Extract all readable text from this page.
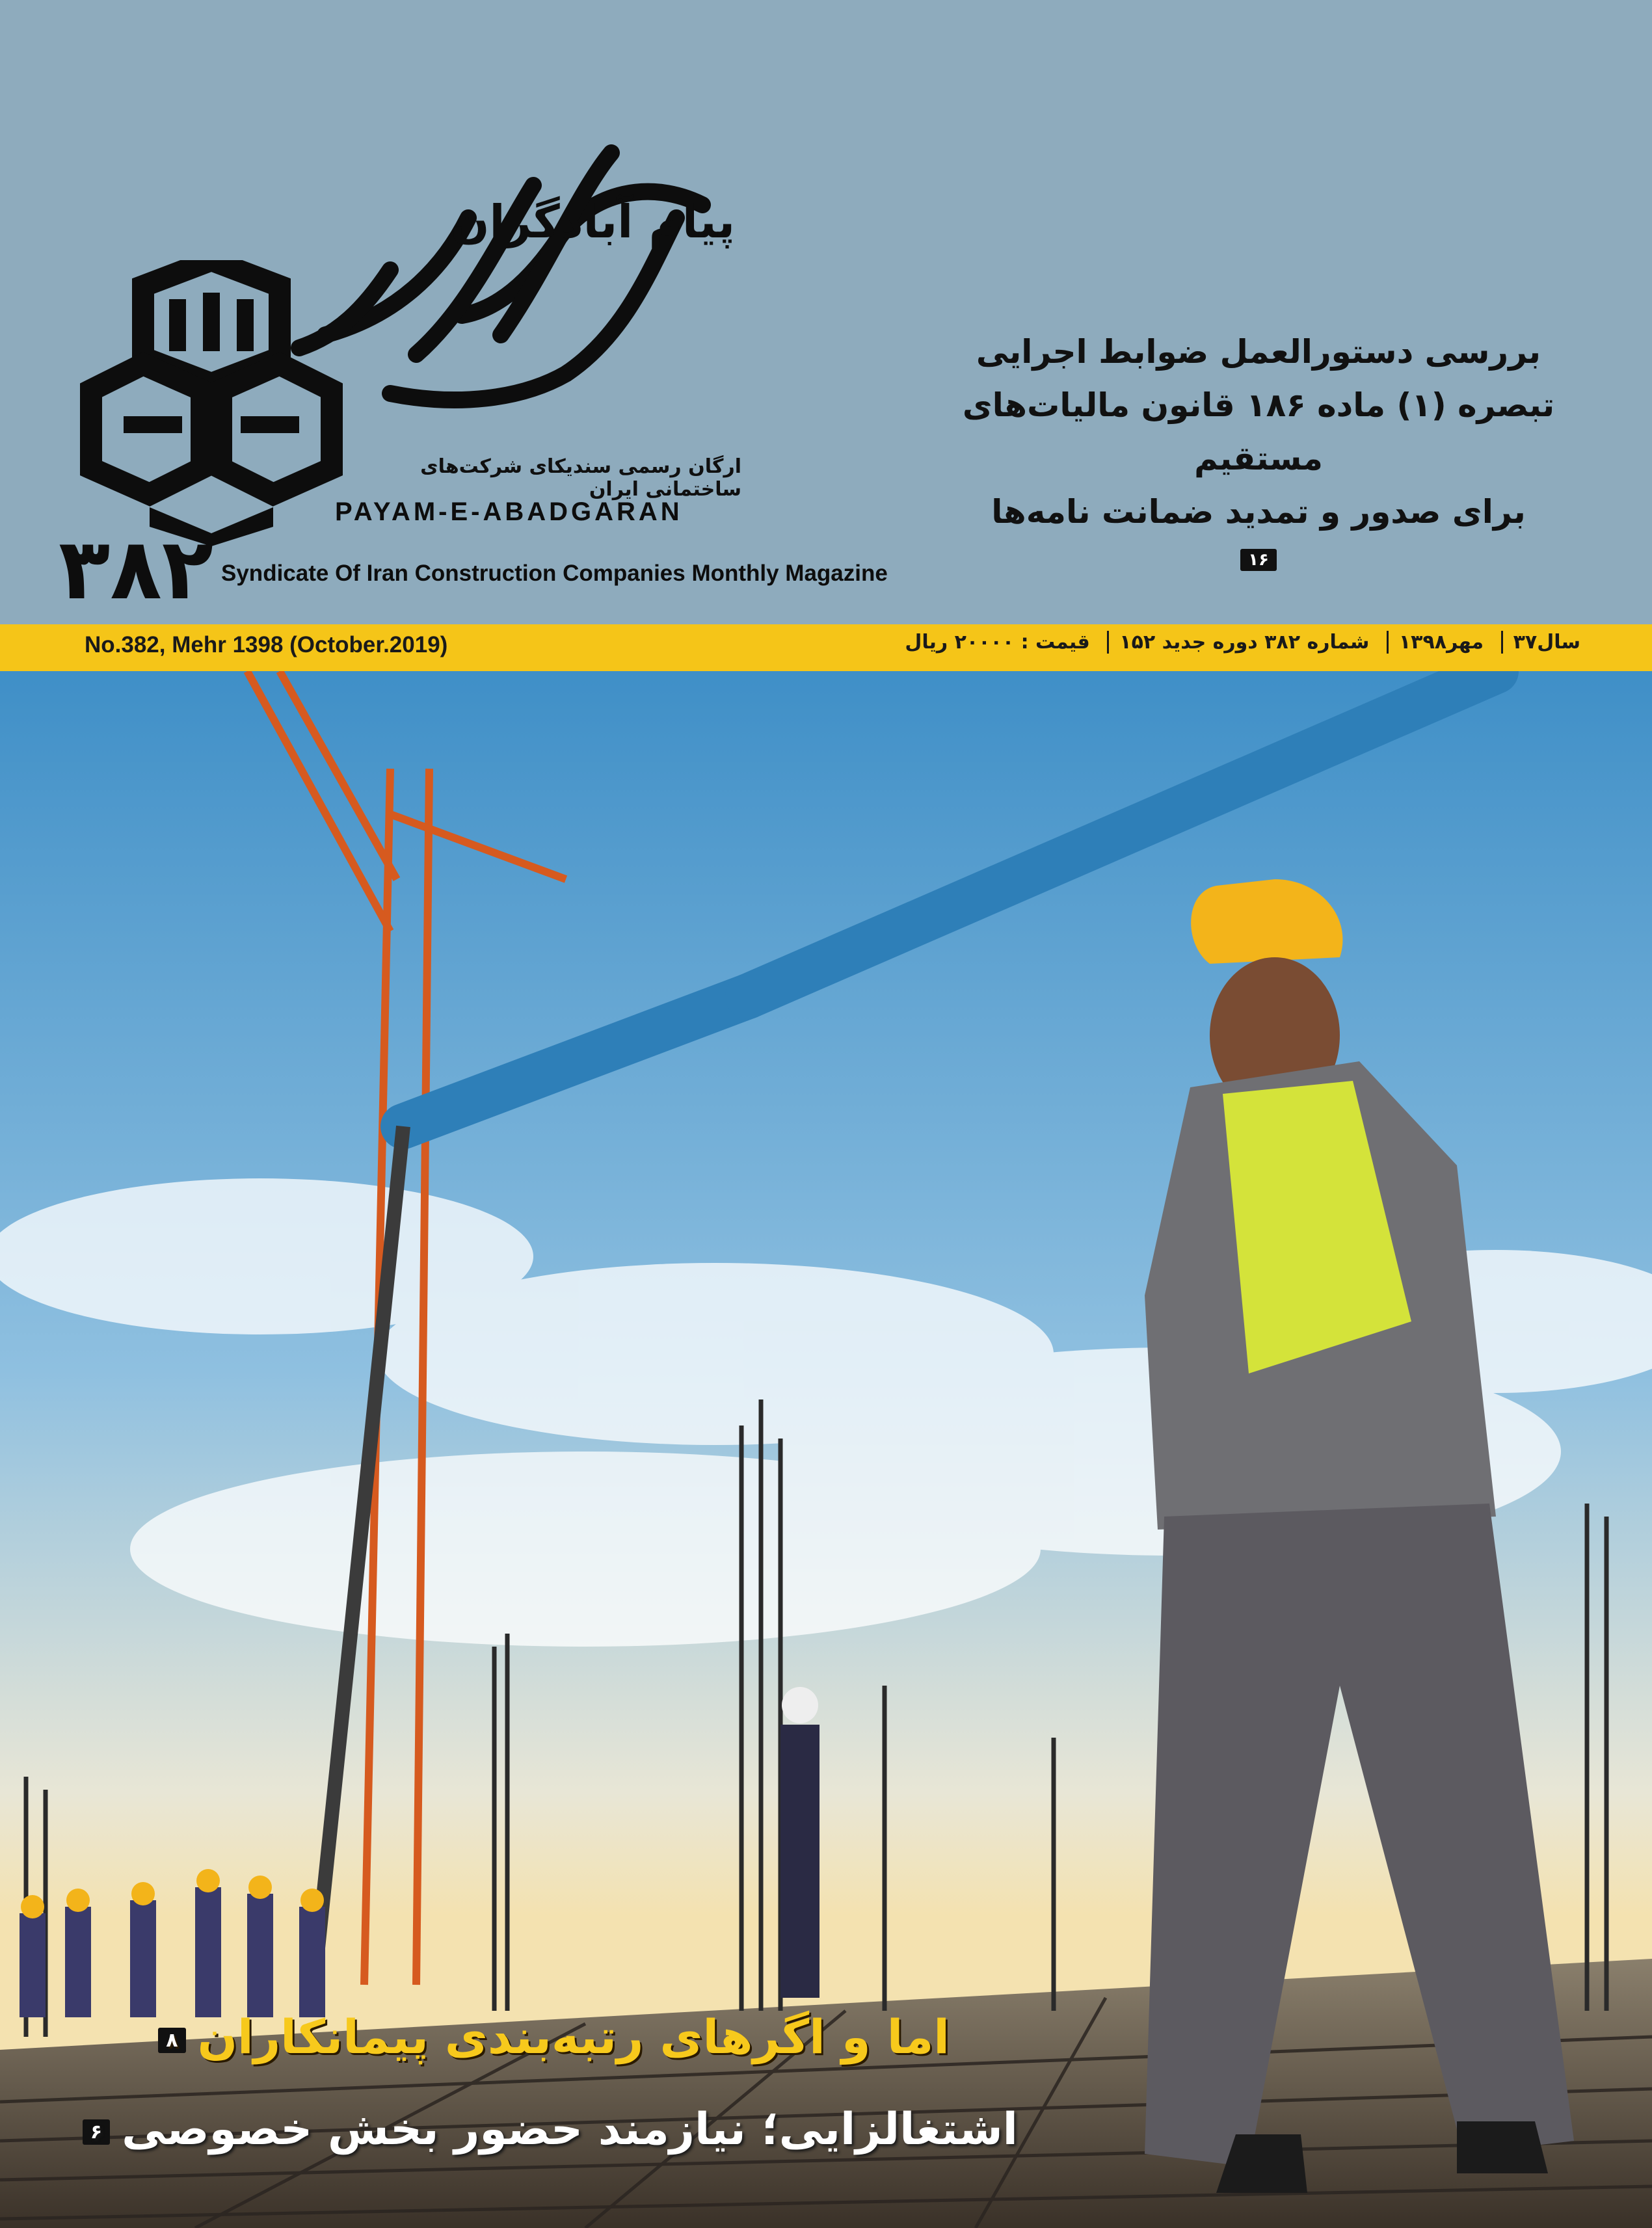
پیام آبادگران
ارگان رسمی سندیکای شرکت‌های ساختمانی ایران
PAYAM-E-ABADGARAN
۳۸۲ Syndicate Of Iran Construction Companies Monthly Magazine
بررسی دستورالعمل ضوابط اجرایی
تبصره (۱) ماده ۱۸۶ قانون مالیات‌های مستقیم
برای صدور و تمدید ضمانت نامه‌ها
۱۶
No.382, Mehr 1398 (October.2019)	سال۳۷ مهر۱۳۹۸ شماره ۳۸۲ دوره جدید ۱۵۲ قیمت : ۲۰۰۰۰ ریال
اما و اگرهای رتبه‌بندی پیمانکاران۸
اشتغالزایی؛ نیازمند حضور بخش خصوصی۶
